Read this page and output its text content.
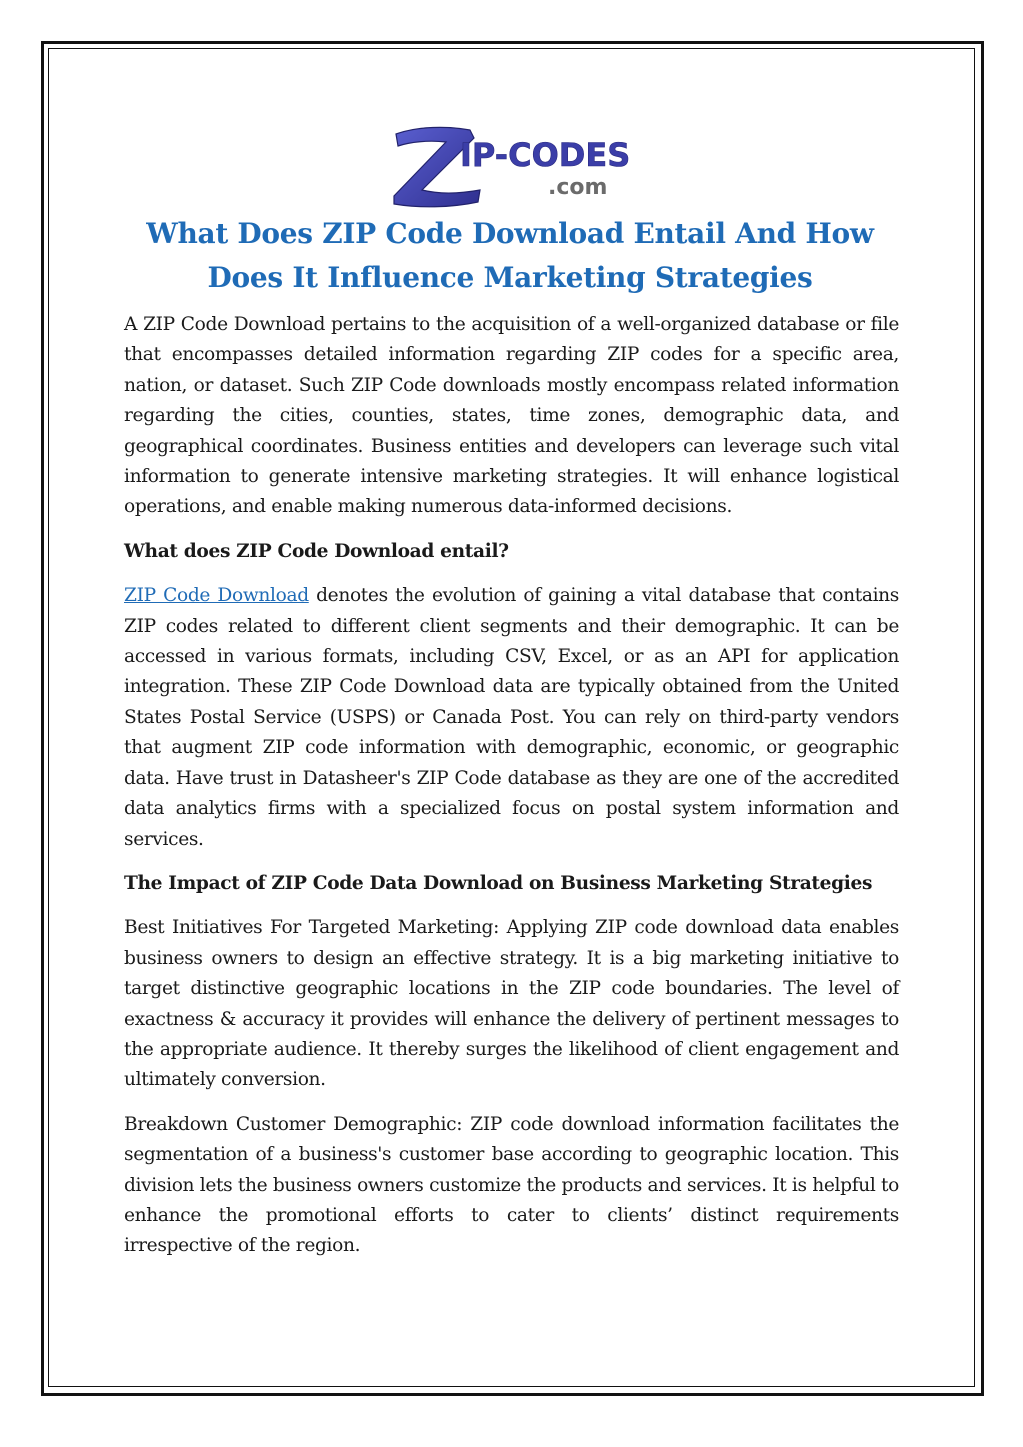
IP-CODES
.com
What Does ZIP Code Download Entail And How Does It Influence Marketing Strategies

A ZIP Code Download pertains to the acquisition of a well-organized database or file that encompasses detailed information regarding ZIP codes for a specific area, nation, or dataset. Such ZIP Code downloads mostly encompass related information regarding the cities, counties, states, time zones, demographic data, and geographical coordinates. Business entities and developers can leverage such vital information to generate intensive marketing strategies. It will enhance logistical operations, and enable making numerous data-informed decisions.

What does ZIP Code Download entail?

ZIP Code Download denotes the evolution of gaining a vital database that contains ZIP codes related to different client segments and their demographic. It can be accessed in various formats, including CSV, Excel, or as an API for application integration. These ZIP Code Download data are typically obtained from the United States Postal Service (USPS) or Canada Post. You can rely on third-party vendors that augment ZIP code information with demographic, economic, or geographic data. Have trust in Datasheer's ZIP Code database as they are one of the accredited data analytics firms with a specialized focus on postal system information and services.

The Impact of ZIP Code Data Download on Business Marketing Strategies

Best Initiatives For Targeted Marketing: Applying ZIP code download data enables business owners to design an effective strategy. It is a big marketing initiative to target distinctive geographic locations in the ZIP code boundaries. The level of exactness & accuracy it provides will enhance the delivery of pertinent messages to the appropriate audience. It thereby surges the likelihood of client engagement and ultimately conversion.

Breakdown Customer Demographic: ZIP code download information facilitates the segmentation of a business's customer base according to geographic location. This division lets the business owners customize the products and services. It is helpful to enhance the promotional efforts to cater to clients’ distinct requirements irrespective of the region.
